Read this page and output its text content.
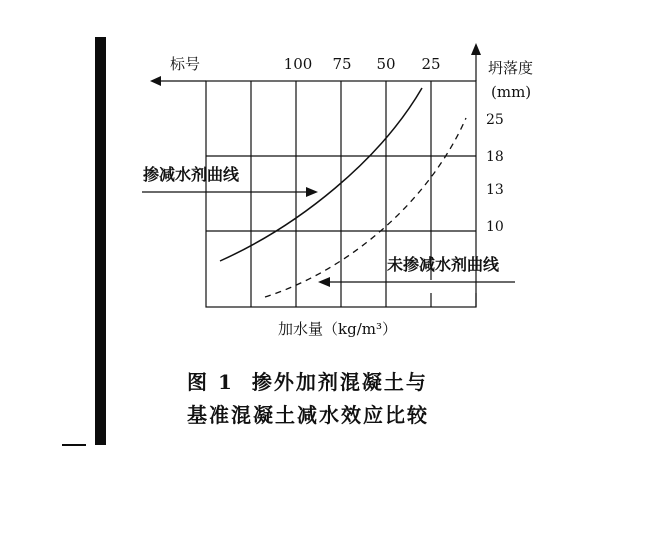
标号	100 75 50 25	坍落度
(mm)
25
18
13
10
加水量（kg/m³）
掺减水剂曲线
未掺减水剂曲线
图 1 掺外加剂混凝土与
基准混凝土减水效应比较
